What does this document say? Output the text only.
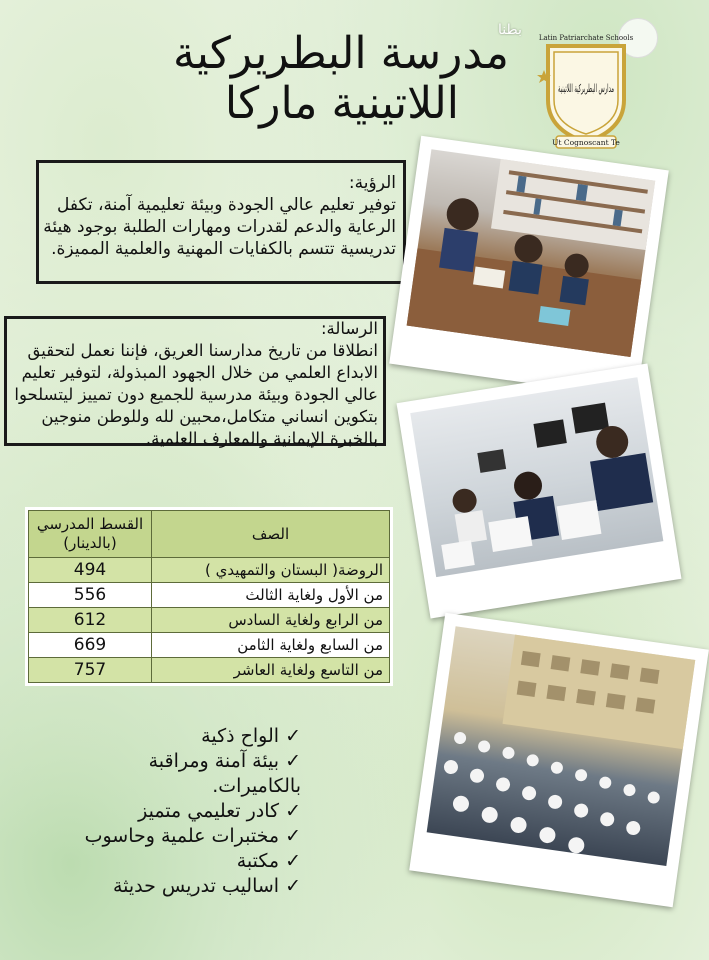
بطنا
مدرسة البطريركية
اللاتينية ماركا
Latin Patriarchate Schools
مدارس البطريركية اللاتينية
Ut Cognoscant Te
الرؤية:
توفير تعليم عالي الجودة وبيئة تعليمية آمنة، تكفل الرعاية والدعم لقدرات ومهارات الطلبة بوجود هيئة تدريسية تتسم بالكفايات المهنية والعلمية المميزة.
الرسالة:
انطلاقا من تاريخ مدارسنا العريق، فإننا نعمل لتحقيق الابداع العلمي من خلال الجهود المبذولة، لتوفير تعليم عالي الجودة وبيئة مدرسية للجميع دون تمييز ليتسلحوا بتكوين انساني متكامل،محبين لله وللوطن منوجين بالخبرة الإيمانية والمعارف العلمية.
الصف	القسط المدرسي (بالدينار)
الروضة( البستان والتمهيدي )	494
من الأول ولغاية الثالث	556
من الرابع ولغاية السادس	612
من السابع ولغاية الثامن	669
من التاسع ولغاية العاشر	757
✓الواح ذكية
✓بيئة آمنة ومراقبة بالكاميرات.
✓كادر تعليمي متميز
✓مختبرات علمية وحاسوب
✓مكتبة
✓اساليب تدريس حديثة
